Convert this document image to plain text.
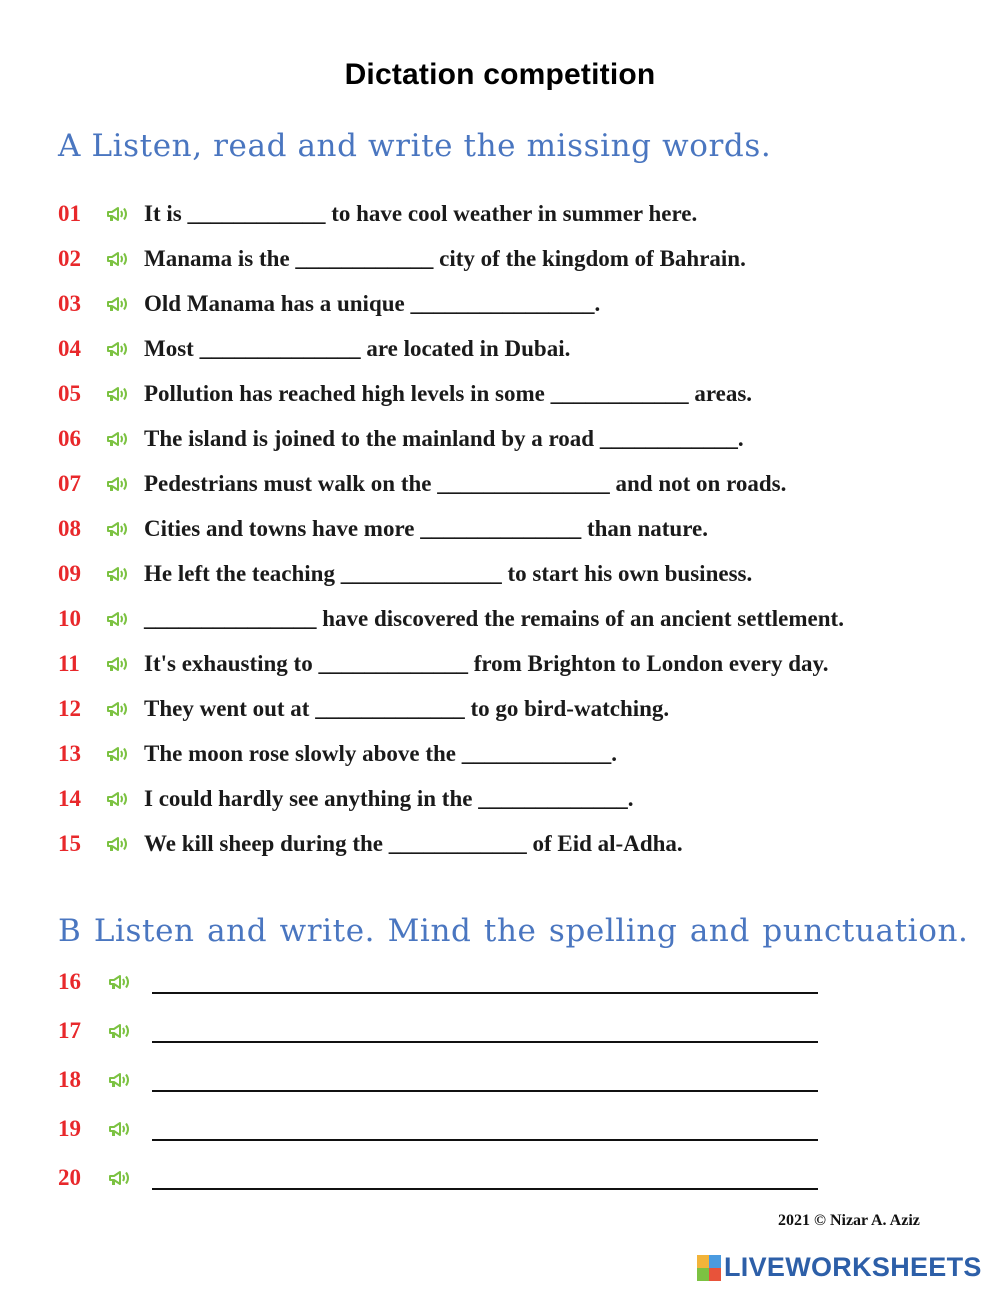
Dictation competition
A Listen, read and write the missing words.
01	It is ____________ to have cool weather in summer here.
02	Manama is the ____________ city of the kingdom of Bahrain.
03	Old Manama has a unique ________________.
04	Most ______________ are located in Dubai.
05	Pollution has reached high levels in some ____________ areas.
06	The island is joined to the mainland by a road ____________.
07	Pedestrians must walk on the _______________ and not on roads.
08	Cities and towns have more ______________ than nature.
09	He left the teaching ______________ to start his own business.
10	_______________ have discovered the remains of an ancient settlement.
11	It's exhausting to _____________ from Brighton to London every day.
12	They went out at _____________ to go bird-watching.
13	The moon rose slowly above the _____________.
14	I could hardly see anything in the _____________.
15	We kill sheep during the ____________ of Eid al-Adha.
B Listen and write. Mind the spelling and punctuation.
16
17
18
19
20
2021 © Nizar A. Aziz
LIVEWORKSHEETS
